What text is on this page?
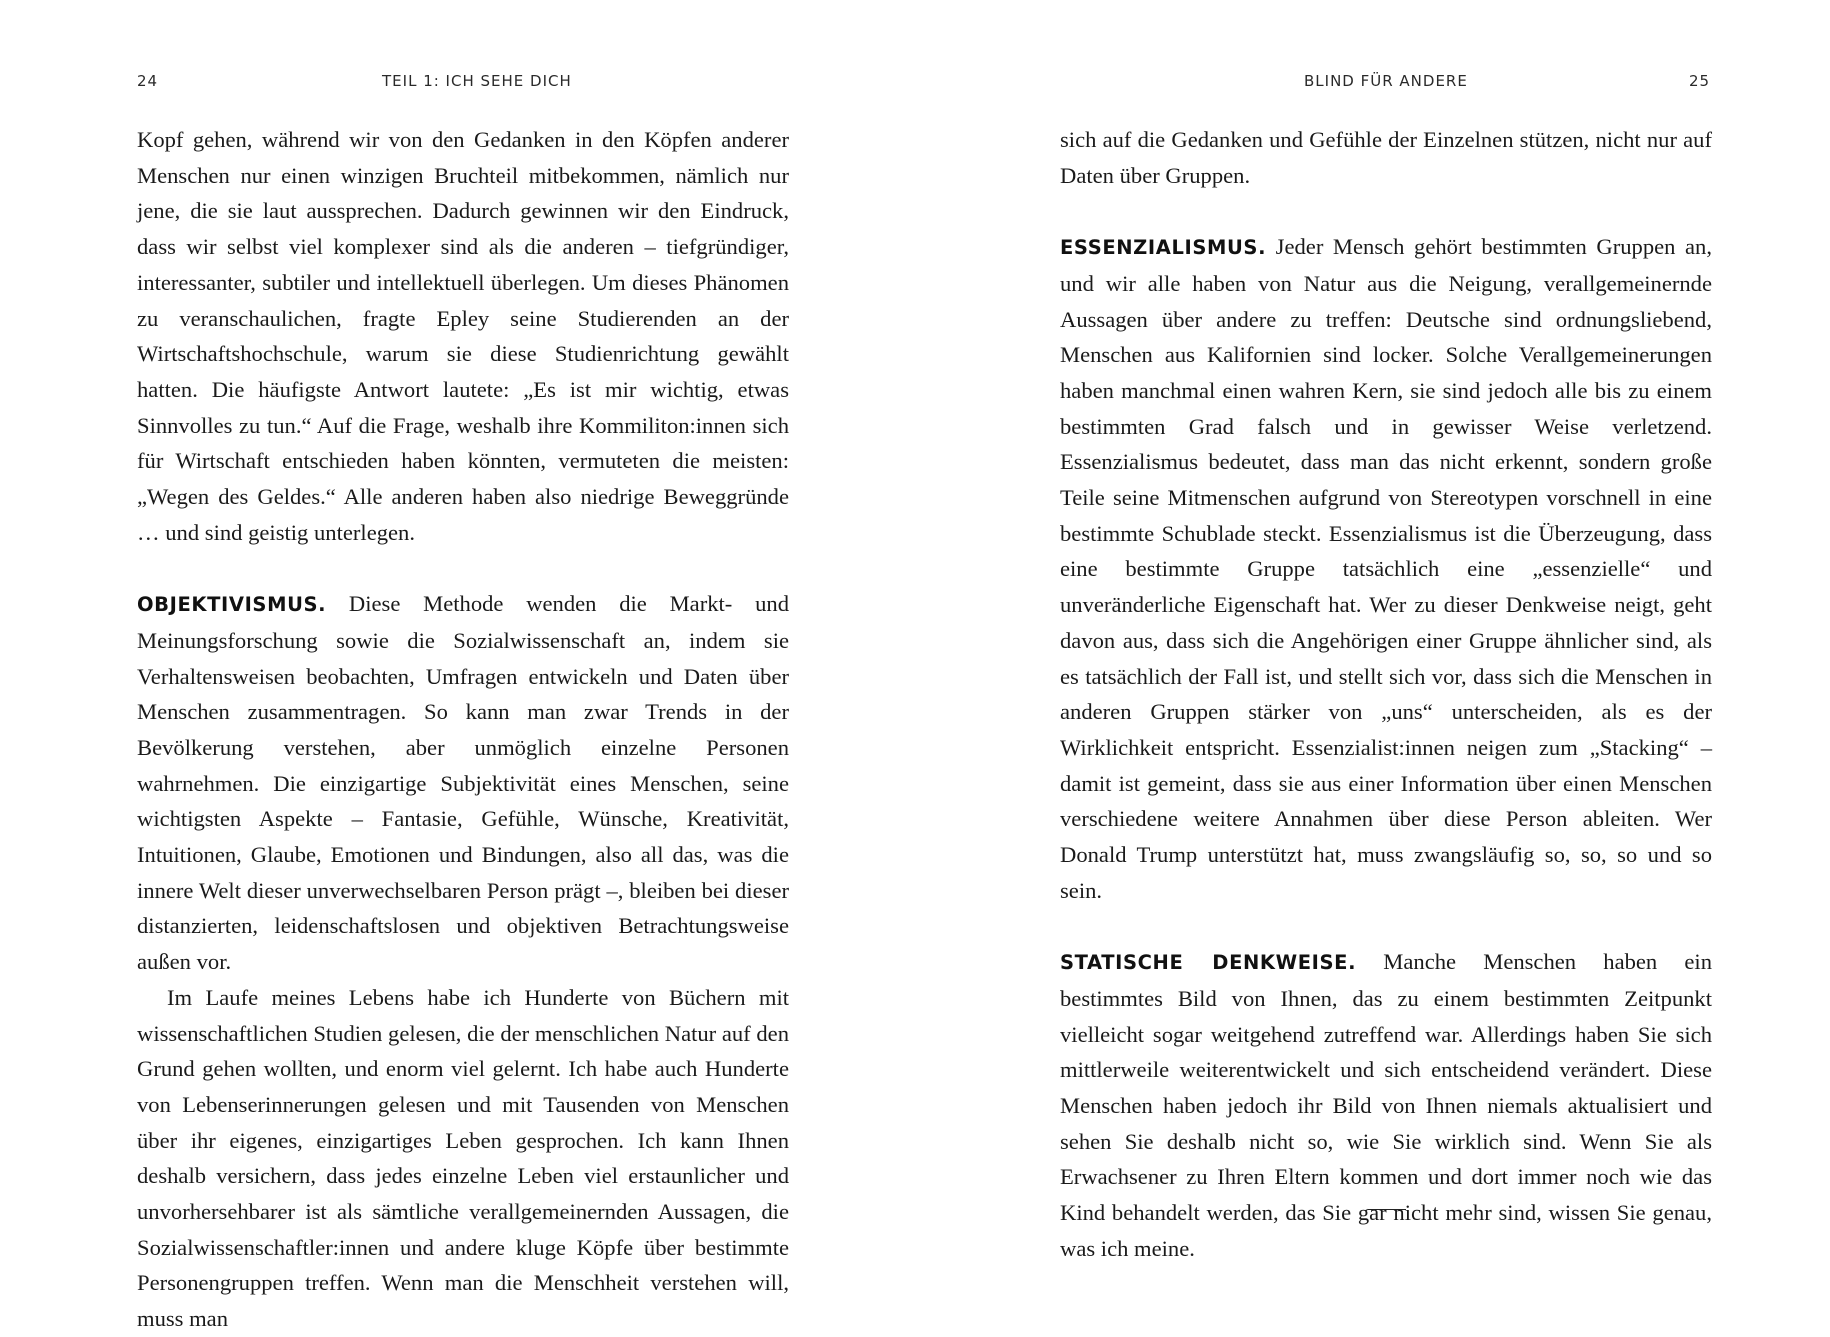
24	TEIL 1: ICH SEHE DICH

Kopf gehen, während wir von den Gedanken in den Köpfen anderer Menschen nur einen winzigen Bruchteil mitbekommen, nämlich nur jene, die sie laut aussprechen. Dadurch gewinnen wir den Eindruck, dass wir selbst viel komplexer sind als die anderen – tiefgründiger, interessanter, subtiler und intellektuell überlegen. Um dieses Phänomen zu veranschaulichen, fragte Epley seine Studierenden an der Wirtschaftshochschule, warum sie diese Studienrichtung gewählt hatten. Die häufigste Antwort lautete: „Es ist mir wichtig, etwas Sinnvolles zu tun.“ Auf die Frage, weshalb ihre Kommiliton:innen sich für Wirtschaft entschieden haben könnten, vermuteten die meisten: „Wegen des Geldes.“ Alle anderen haben also niedrige Beweggründe … und sind geistig unterlegen.

OBJEKTIVISMUS. Diese Methode wenden die Markt- und Meinungsforschung sowie die Sozialwissenschaft an, indem sie Verhaltensweisen beobachten, Umfragen entwickeln und Daten über Menschen zusammentragen. So kann man zwar Trends in der Bevölkerung verstehen, aber unmöglich einzelne Personen wahrnehmen. Die einzigartige Subjektivität eines Menschen, seine wichtigsten Aspekte – Fantasie, Gefühle, Wünsche, Kreativität, Intuitionen, Glaube, Emotionen und Bindungen, also all das, was die innere Welt dieser unverwechselbaren Person prägt –, bleiben bei dieser distanzierten, leidenschaftslosen und objektiven Betrachtungsweise außen vor.

Im Laufe meines Lebens habe ich Hunderte von Büchern mit wissenschaftlichen Studien gelesen, die der menschlichen Natur auf den Grund gehen wollten, und enorm viel gelernt. Ich habe auch Hunderte von Lebenserinnerungen gelesen und mit Tausenden von Menschen über ihr eigenes, einzigartiges Leben gesprochen. Ich kann Ihnen deshalb versichern, dass jedes einzelne Leben viel erstaunlicher und unvorhersehbarer ist als sämtliche verallgemeinernden Aussagen, die Sozialwissenschaftler:innen und andere kluge Köpfe über bestimmte Personengruppen treffen. Wenn man die Menschheit verstehen will, muss man

BLIND FÜR ANDERE	25

sich auf die Gedanken und Gefühle der Einzelnen stützen, nicht nur auf Daten über Gruppen.

ESSENZIALISMUS. Jeder Mensch gehört bestimmten Gruppen an, und wir alle haben von Natur aus die Neigung, verallgemeinernde Aussagen über andere zu treffen: Deutsche sind ordnungsliebend, Menschen aus Kalifornien sind locker. Solche Verallgemeinerungen haben manchmal einen wahren Kern, sie sind jedoch alle bis zu einem bestimmten Grad falsch und in gewisser Weise verletzend. Essenzialismus bedeutet, dass man das nicht erkennt, sondern große Teile seine Mitmenschen aufgrund von Stereotypen vorschnell in eine bestimmte Schublade steckt. Essenzialismus ist die Überzeugung, dass eine bestimmte Gruppe tatsächlich eine „essenzielle“ und unveränderliche Eigenschaft hat. Wer zu dieser Denkweise neigt, geht davon aus, dass sich die Angehörigen einer Gruppe ähnlicher sind, als es tatsächlich der Fall ist, und stellt sich vor, dass sich die Menschen in anderen Gruppen stärker von „uns“ unterscheiden, als es der Wirklichkeit entspricht. Essenzialist:innen neigen zum „Stacking“ – damit ist gemeint, dass sie aus einer Information über einen Menschen verschiedene weitere Annahmen über diese Person ableiten. Wer Donald Trump unterstützt hat, muss zwangsläufig so, so, so und so sein.

STATISCHE DENKWEISE. Manche Menschen haben ein bestimmtes Bild von Ihnen, das zu einem bestimmten Zeitpunkt vielleicht sogar weitgehend zutreffend war. Allerdings haben Sie sich mittlerweile weiterentwickelt und sich entscheidend verändert. Diese Menschen haben jedoch ihr Bild von Ihnen niemals aktualisiert und sehen Sie deshalb nicht so, wie Sie wirklich sind. Wenn Sie als Erwachsener zu Ihren Eltern kommen und dort immer noch wie das Kind behandelt werden, das Sie gar nicht mehr sind, wissen Sie genau, was ich meine.
